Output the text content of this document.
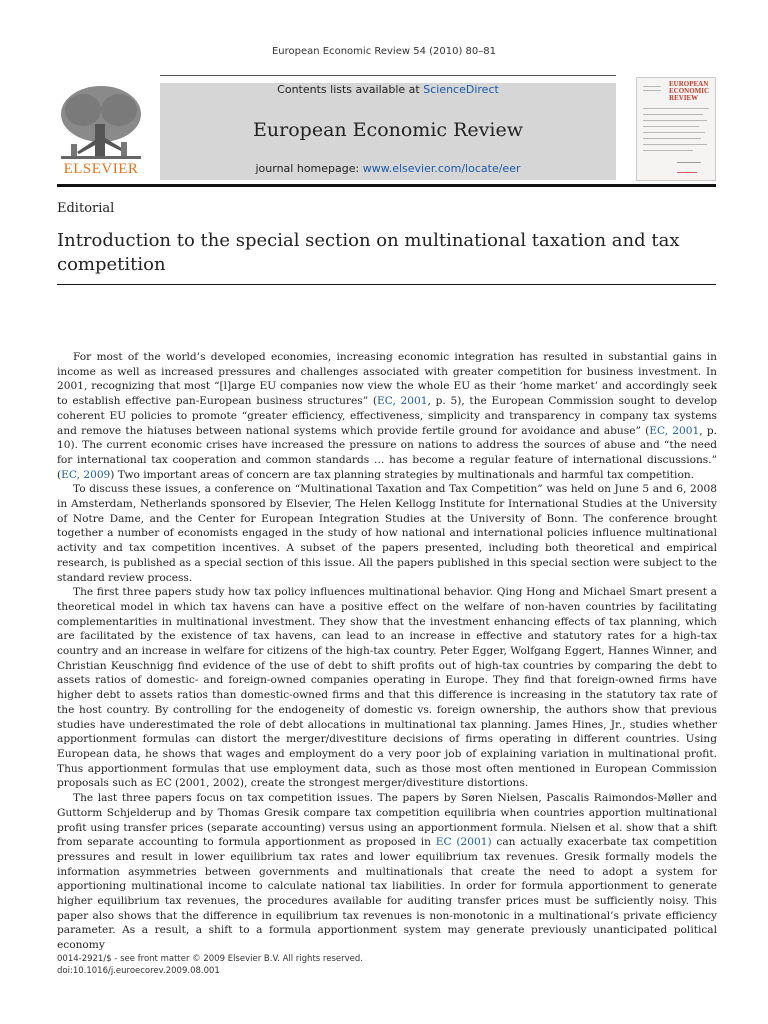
European Economic Review 54 (2010) 80–81
ELSEVIER
Contents lists available at ScienceDirect
European Economic Review
journal homepage: www.elsevier.com/locate/eer
EUROPEAN
ECONOMIC
REVIEW
Editorial
Introduction to the special section on multinational taxation and tax competition

For most of the world’s developed economies, increasing economic integration has resulted in substantial gains in income as well as increased pressures and challenges associated with greater competition for business investment. In 2001, recognizing that most “[l]arge EU companies now view the whole EU as their ‘home market’ and accordingly seek to establish effective pan-European business structures” (EC, 2001, p. 5), the European Commission sought to develop coherent EU policies to promote “greater efficiency, effectiveness, simplicity and transparency in company tax systems and remove the hiatuses between national systems which provide fertile ground for avoidance and abuse” (EC, 2001, p. 10). The current economic crises have increased the pressure on nations to address the sources of abuse and “the need for international tax cooperation and common standards … has become a regular feature of international discussions.” (EC, 2009) Two important areas of concern are tax planning strategies by multinationals and harmful tax competition.

To discuss these issues, a conference on “Multinational Taxation and Tax Competition” was held on June 5 and 6, 2008 in Amsterdam, Netherlands sponsored by Elsevier, The Helen Kellogg Institute for International Studies at the University of Notre Dame, and the Center for European Integration Studies at the University of Bonn. The conference brought together a number of economists engaged in the study of how national and international policies influence multinational activity and tax competition incentives. A subset of the papers presented, including both theoretical and empirical research, is published as a special section of this issue. All the papers published in this special section were subject to the standard review process.

The first three papers study how tax policy influences multinational behavior. Qing Hong and Michael Smart present a theoretical model in which tax havens can have a positive effect on the welfare of non-haven countries by facilitating complementarities in multinational investment. They show that the investment enhancing effects of tax planning, which are facilitated by the existence of tax havens, can lead to an increase in effective and statutory rates for a high-tax country and an increase in welfare for citizens of the high-tax country. Peter Egger, Wolfgang Eggert, Hannes Winner, and Christian Keuschnigg find evidence of the use of debt to shift profits out of high-tax countries by comparing the debt to assets ratios of domestic- and foreign-owned companies operating in Europe. They find that foreign-owned firms have higher debt to assets ratios than domestic-owned firms and that this difference is increasing in the statutory tax rate of the host country. By controlling for the endogeneity of domestic vs. foreign ownership, the authors show that previous studies have underestimated the role of debt allocations in multinational tax planning. James Hines, Jr., studies whether apportionment formulas can distort the merger/divestiture decisions of firms operating in different countries. Using European data, he shows that wages and employment do a very poor job of explaining variation in multinational profit. Thus apportionment formulas that use employment data, such as those most often mentioned in European Commission proposals such as EC (2001, 2002), create the strongest merger/divestiture distortions.

The last three papers focus on tax competition issues. The papers by Søren Nielsen, Pascalis Raimondos-Møller and Guttorm Schjelderup and by Thomas Gresik compare tax competition equilibria when countries apportion multinational profit using transfer prices (separate accounting) versus using an apportionment formula. Nielsen et al. show that a shift from separate accounting to formula apportionment as proposed in EC (2001) can actually exacerbate tax competition pressures and result in lower equilibrium tax rates and lower equilibrium tax revenues. Gresik formally models the information asymmetries between governments and multinationals that create the need to adopt a system for apportioning multinational income to calculate national tax liabilities. In order for formula apportionment to generate higher equilibrium tax revenues, the procedures available for auditing transfer prices must be sufficiently noisy. This paper also shows that the difference in equilibrium tax revenues is non-monotonic in a multinational’s private efficiency parameter. As a result, a shift to a formula apportionment system may generate previously unanticipated political economy

0014-2921/$ - see front matter © 2009 Elsevier B.V. All rights reserved.
doi:10.1016/j.euroecorev.2009.08.001
